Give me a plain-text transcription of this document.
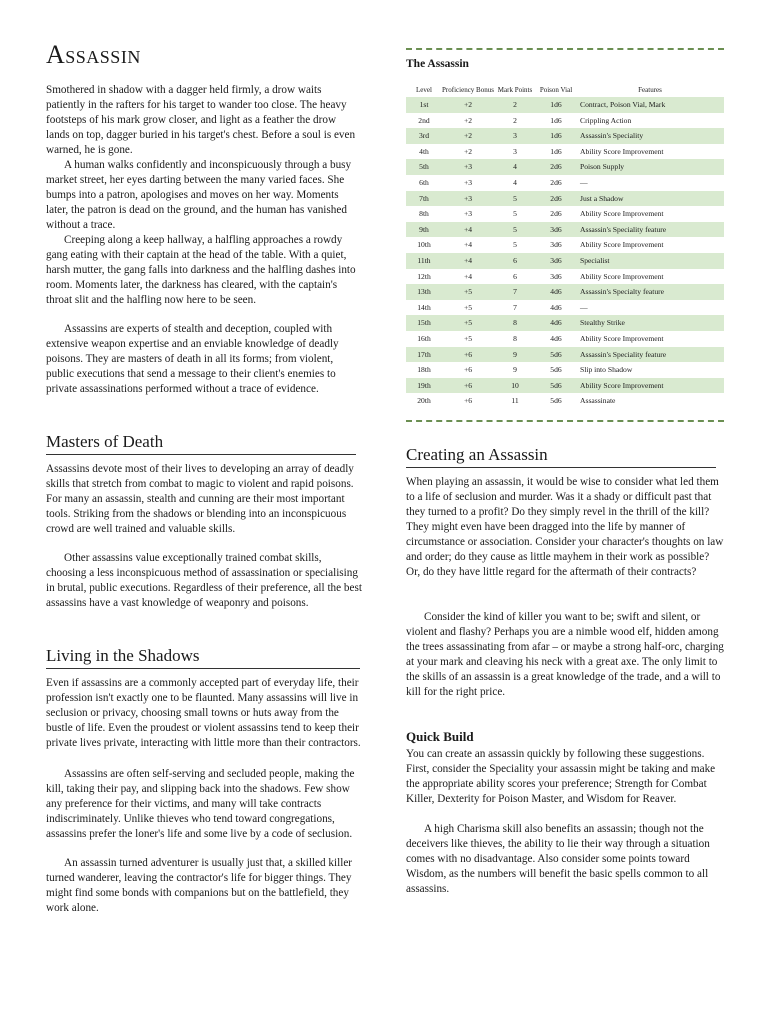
Assassin

Smothered in shadow with a dagger held firmly, a drow waits patiently in the rafters for his target to wander too close. The heavy footsteps of his mark grow closer, and light as a feather the drow lands on top, dagger buried in his target's chest. Before a soul is even warned, he is gone.

A human walks confidently and inconspicuously through a busy market street, her eyes darting between the many varied faces. She bumps into a patron, apologises and moves on her way. Moments later, the patron is dead on the ground, and the human has vanished without a trace.

Creeping along a keep hallway, a halfling approaches a rowdy gang eating with their captain at the head of the table. With a quiet, harsh mutter, the gang falls into darkness and the halfling dashes into room. Moments later, the darkness has cleared, with the captain's throat slit and the halfling now here to be seen.

Assassins are experts of stealth and deception, coupled with extensive weapon expertise and an enviable knowledge of deadly poisons. They are masters of death in all its forms; from violent, public executions that send a message to their client's enemies to private assassinations performed without a trace of evidence.

Masters of Death

Assassins devote most of their lives to developing an array of deadly skills that stretch from combat to magic to violent and rapid poisons. For many an assassin, stealth and cunning are their most important tools. Striking from the shadows or blending into an inconspicuous crowd are well trained and valuable skills.

Other assassins value exceptionally trained combat skills, choosing a less inconspicuous method of assassination or specialising in brutal, public executions. Regardless of their preference, all the best assassins have a vast knowledge of weaponry and poisons.

Living in the Shadows

Even if assassins are a commonly accepted part of everyday life, their profession isn't exactly one to be flaunted. Many assassins will live in seclusion or privacy, choosing small towns or huts away from the bustle of life. Even the proudest or violent assassins tend to keep their private lives private, interacting with little more than their contractors.

Assassins are often self-serving and secluded people, making the kill, taking their pay, and slipping back into the shadows. Few show any preference for their victims, and many will take contracts indiscriminately. Unlike thieves who tend toward congregations, assassins prefer the loner's life and some live by a code of seclusion.

An assassin turned adventurer is usually just that, a skilled killer turned wanderer, leaving the contractor's life for bigger things. They might find some bonds with companions but on the battlefield, they work alone.

The Assassin
Level	Proficiency Bonus	Mark Points	Poison Vial	Features
1st	+2	2	1d6	Contract, Poison Vial, Mark
2nd	+2	2	1d6	Crippling Action
3rd	+2	3	1d6	Assassin's Speciality
4th	+2	3	1d6	Ability Score Improvement
5th	+3	4	2d6	Poison Supply
6th	+3	4	2d6	—
7th	+3	5	2d6	Just a Shadow
8th	+3	5	2d6	Ability Score Improvement
9th	+4	5	3d6	Assassin's Speciality feature
10th	+4	5	3d6	Ability Score Improvement
11th	+4	6	3d6	Specialist
12th	+4	6	3d6	Ability Score Improvement
13th	+5	7	4d6	Assassin's Specialty feature
14th	+5	7	4d6	—
15th	+5	8	4d6	Stealthy Strike
16th	+5	8	4d6	Ability Score Improvement
17th	+6	9	5d6	Assassin's Speciality feature
18th	+6	9	5d6	Slip into Shadow
19th	+6	10	5d6	Ability Score Improvement
20th	+6	11	5d6	Assassinate
Creating an Assassin

When playing an assassin, it would be wise to consider what led them to a life of seclusion and murder. Was it a shady or difficult past that they turned to a profit? Do they simply revel in the thrill of the kill? They might even have been dragged into the life by manner of circumstance or association. Consider your character's thoughts on law and order; do they cause as little mayhem in their work as possible? Or, do they have little regard for the aftermath of their contracts?

Consider the kind of killer you want to be; swift and silent, or violent and flashy? Perhaps you are a nimble wood elf, hidden among the trees assassinating from afar – or maybe a strong half-orc, charging at your mark and cleaving his neck with a great axe. The only limit to the skills of an assassin is a great knowledge of the trade, and a will to kill for the right price.

Quick Build

You can create an assassin quickly by following these suggestions. First, consider the Speciality your assassin might be taking and make the appropriate ability scores your preference; Strength for Combat Killer, Dexterity for Poison Master, and Wisdom for Reaver.

A high Charisma skill also benefits an assassin; though not the deceivers like thieves, the ability to lie their way through a situation comes with no disadvantage. Also consider some points toward Wisdom, as the numbers will benefit the basic spells common to all assassins.
